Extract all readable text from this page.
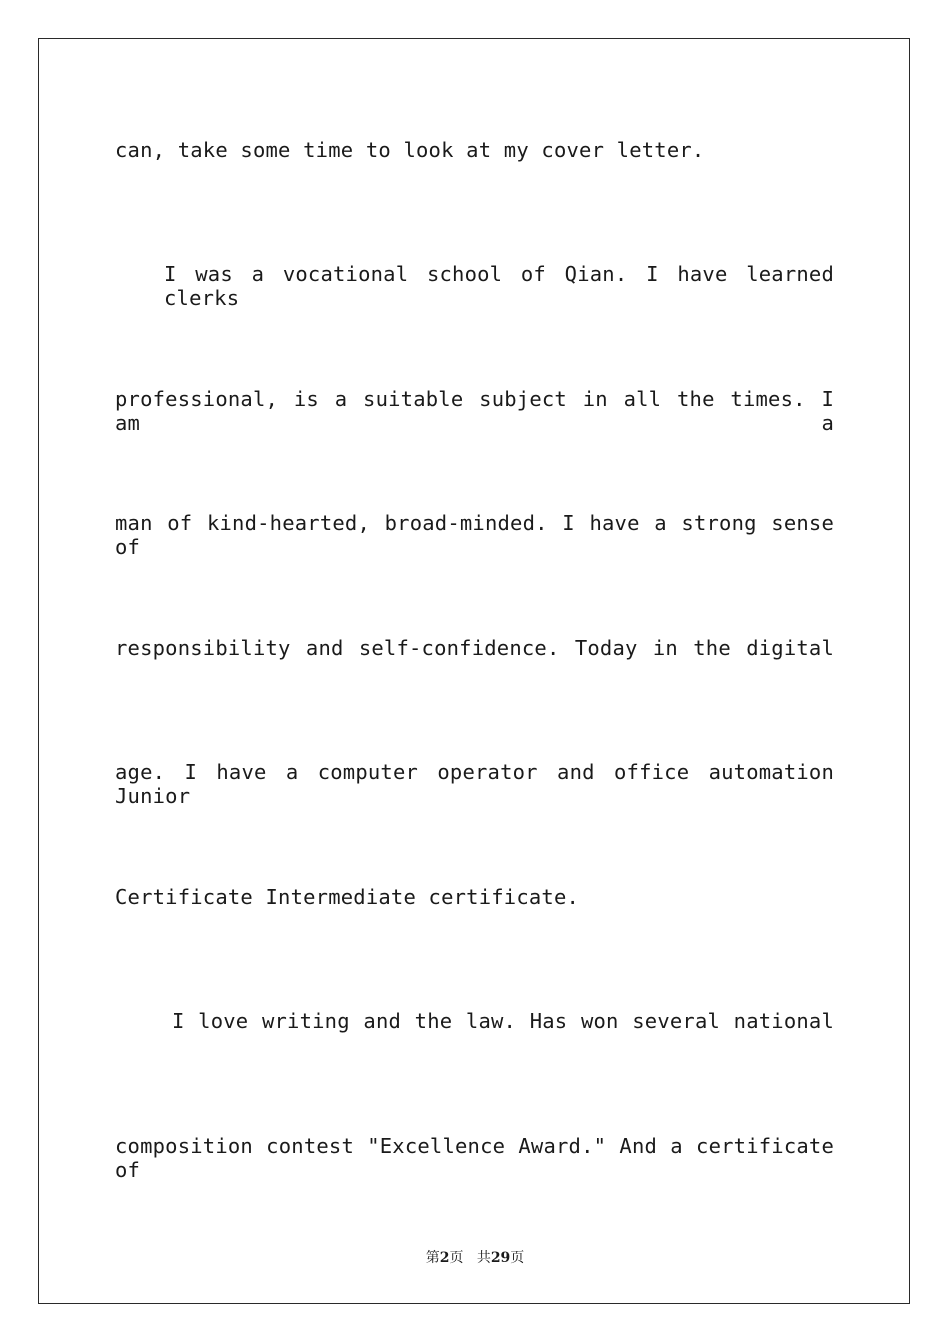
can, take some time to look at my cover letter.
I was a vocational school of Qian. I have learned clerks
professional, is a suitable subject in all the times. I am a
man of kind-hearted, broad-minded. I have a strong sense of
responsibility and self-confidence. Today in the digital
age. I have a computer operator and office automation Junior
Certificate Intermediate certificate.
I love writing and the law. Has won several national
composition contest "Excellence Award." And a certificate of
第2页 共29页
